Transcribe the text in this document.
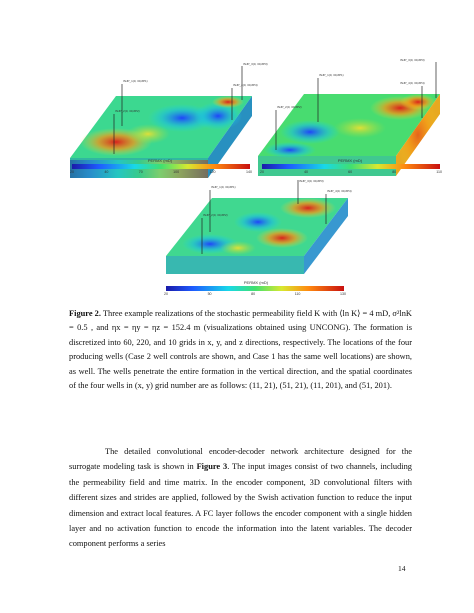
INJP_1(0, 30,#P1)
INJP_3(0, 30,#P3)
INJP_2(0, 30,#P2)
INJP_4(0, 30,#P4)
PERMX (mD)
20	40	70	100	120	140
INJP_1(0, 30,#P1)
INJP_3(0, 30,#P3)
INJP_2(0, 30,#P2)
INJP_4(0, 30,#P4)
PERMX (mD)
20	40	60	80	110
INJP_1(0, 30,#P1)
INJP_3(0, 30,#P3)
INJP_2(0, 30,#P2)
INJP_4(0, 30,#P4)
PERMX (mD)
20	50	80	110	130
Figure 2. Three example realizations of the stochastic permeability field K with ⟨ln K⟩ = 4 mD, σ²lnK = 0.5 , and ηx = ηy = ηz = 152.4 m (visualizations obtained using UNCONG). The formation is discretized into 60, 220, and 10 grids in x, y, and z directions, respectively. The locations of the four producing wells (Case 2 well controls are shown, and Case 1 has the same well locations) are shown, as well. The wells penetrate the entire formation in the vertical direction, and the spatial coordinates of the four wells in (x, y) grid number are as follows: (11, 21), (51, 21), (11, 201), and (51, 201).
The detailed convolutional encoder-decoder network architecture designed for the surrogate modeling task is shown in Figure 3. The input images consist of two channels, including the permeability field and time matrix. In the encoder component, 3D convolutional filters with different sizes and strides are applied, followed by the Swish activation function to reduce the input dimension and extract local features. A FC layer follows the encoder component with a single hidden layer and no activation function to encode the information into the latent variables. The decoder component performs a series
14
